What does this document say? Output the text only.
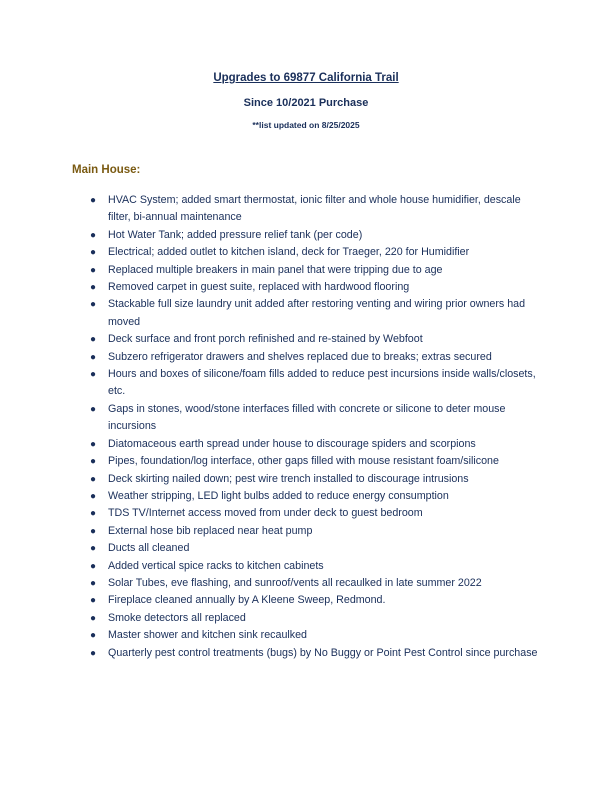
Upgrades to 69877 California Trail
Since 10/2021 Purchase
**list updated on 8/25/2025
Main House:
● HVAC System; added smart thermostat, ionic filter and whole house humidifier, descale filter, bi-annual maintenance
● Hot Water Tank; added pressure relief tank (per code)
● Electrical; added outlet to kitchen island, deck for Traeger, 220 for Humidifier
● Replaced multiple breakers in main panel that were tripping due to age
● Removed carpet in guest suite, replaced with hardwood flooring
● Stackable full size laundry unit added after restoring venting and wiring prior owners had moved
● Deck surface and front porch refinished and re-stained by Webfoot
● Subzero refrigerator drawers and shelves replaced due to breaks; extras secured
● Hours and boxes of silicone/foam fills added to reduce pest incursions inside walls/closets, etc.
● Gaps in stones, wood/stone interfaces filled with concrete or silicone to deter mouse incursions
● Diatomaceous earth spread under house to discourage spiders and scorpions
● Pipes, foundation/log interface, other gaps filled with mouse resistant foam/silicone
● Deck skirting nailed down; pest wire trench installed to discourage intrusions
● Weather stripping, LED light bulbs added to reduce energy consumption
● TDS TV/Internet access moved from under deck to guest bedroom
● External hose bib replaced near heat pump
● Ducts all cleaned
● Added vertical spice racks to kitchen cabinets
● Solar Tubes, eve flashing, and sunroof/vents all recaulked in late summer 2022
● Fireplace cleaned annually by A Kleene Sweep, Redmond.
● Smoke detectors all replaced
● Master shower and kitchen sink recaulked
● Quarterly pest control treatments (bugs) by No Buggy or Point Pest Control since purchase
